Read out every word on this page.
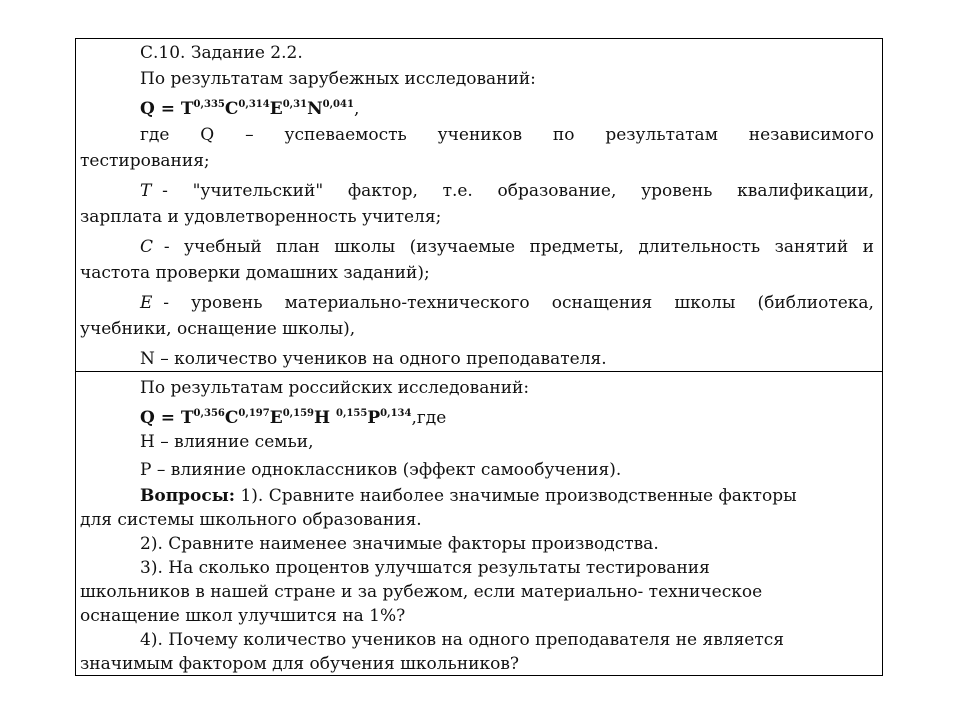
С.10. Задание 2.2.
По результатам зарубежных исследований:
$Q = T^{0,335}C^{0,314}E^{0,31}N^{0,041}$,
где Q – успеваемость учеников по результатам независимого
тестирования;
T  - "учительский" фактор, т.е. образование, уровень квалификации,
зарплата и удовлетворенность учителя;
C  - учебный план школы (изучаемые предметы, длительность занятий и
частота проверки домашних заданий);
E  - уровень материально-технического оснащения школы (библиотека,
учебники, оснащение школы),
N – количество учеников на одного преподавателя.
По результатам российских исследований:
$Q = T^{0,356}C^{0,197}E^{0,159}H$ $^{0,155}P^{0,134},где$
H – влияние семьи,
P – влияние одноклассников (эффект самообучения).
Вопросы: 1). Сравните наиболее значимые производственные факторы
для системы школьного образования.
2). Сравните наименее значимые факторы производства.
3). На сколько процентов улучшатся результаты тестирования
школьников в нашей стране и за рубежом, если материально- техническое
оснащение школ улучшится на 1%?
4). Почему количество учеников на одного преподавателя не является
значимым фактором для обучения школьников?
